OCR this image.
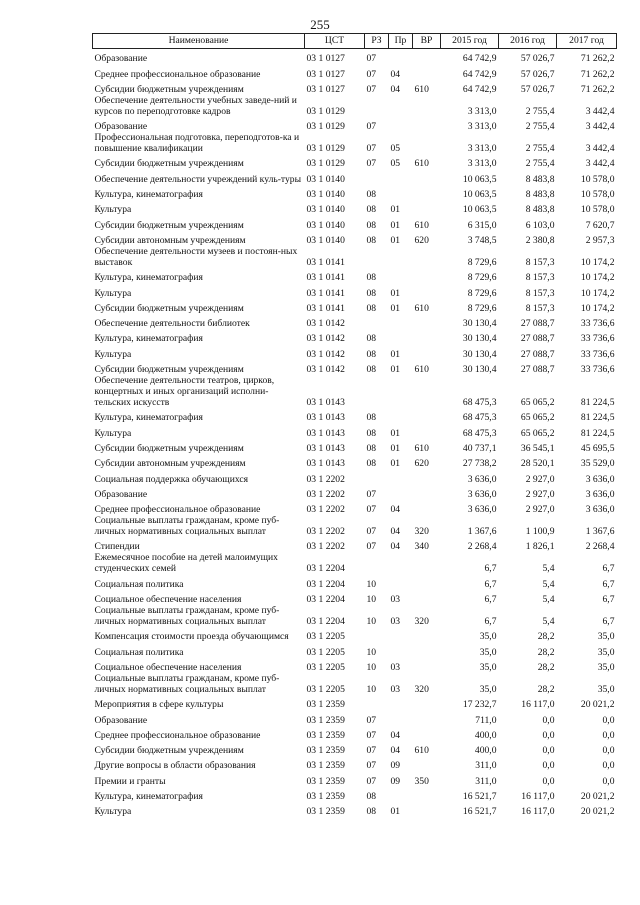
255
Наименование	ЦСТ	РЗ	Пр	ВР	2015 год	2016 год	2017 год
Образование	03 1 0127	07			64 742,9	57 026,7	71 262,2
Среднее профессиональное образование	03 1 0127	07	04		64 742,9	57 026,7	71 262,2
Субсидии бюджетным учреждениям	03 1 0127	07	04	610	64 742,9	57 026,7	71 262,2
Обеспечение деятельности учебных заведе-ний и курсов по переподготовке кадров	03 1 0129				3 313,0	2 755,4	3 442,4
Образование	03 1 0129	07			3 313,0	2 755,4	3 442,4
Профессиональная подготовка, переподготов-ка и повышение квалификации	03 1 0129	07	05		3 313,0	2 755,4	3 442,4
Субсидии бюджетным учреждениям	03 1 0129	07	05	610	3 313,0	2 755,4	3 442,4
Обеспечение деятельности учреждений куль-туры	03 1 0140				10 063,5	8 483,8	10 578,0
Культура, кинематография	03 1 0140	08			10 063,5	8 483,8	10 578,0
Культура	03 1 0140	08	01		10 063,5	8 483,8	10 578,0
Субсидии бюджетным учреждениям	03 1 0140	08	01	610	6 315,0	6 103,0	7 620,7
Субсидии автономным учреждениям	03 1 0140	08	01	620	3 748,5	2 380,8	2 957,3
Обеспечение деятельности музеев и постоян-ных выставок	03 1 0141				8 729,6	8 157,3	10 174,2
Культура, кинематография	03 1 0141	08			8 729,6	8 157,3	10 174,2
Культура	03 1 0141	08	01		8 729,6	8 157,3	10 174,2
Субсидии бюджетным учреждениям	03 1 0141	08	01	610	8 729,6	8 157,3	10 174,2
Обеспечение деятельности библиотек	03 1 0142				30 130,4	27 088,7	33 736,6
Культура, кинематография	03 1 0142	08			30 130,4	27 088,7	33 736,6
Культура	03 1 0142	08	01		30 130,4	27 088,7	33 736,6
Субсидии бюджетным учреждениям	03 1 0142	08	01	610	30 130,4	27 088,7	33 736,6
Обеспечение деятельности театров, цирков, концертных и иных организаций исполни-тельских искусств	03 1 0143				68 475,3	65 065,2	81 224,5
Культура, кинематография	03 1 0143	08			68 475,3	65 065,2	81 224,5
Культура	03 1 0143	08	01		68 475,3	65 065,2	81 224,5
Субсидии бюджетным учреждениям	03 1 0143	08	01	610	40 737,1	36 545,1	45 695,5
Субсидии автономным учреждениям	03 1 0143	08	01	620	27 738,2	28 520,1	35 529,0
Социальная поддержка обучающихся	03 1 2202				3 636,0	2 927,0	3 636,0
Образование	03 1 2202	07			3 636,0	2 927,0	3 636,0
Среднее профессиональное образование	03 1 2202	07	04		3 636,0	2 927,0	3 636,0
Социальные выплаты гражданам, кроме пуб-личных нормативных социальных выплат	03 1 2202	07	04	320	1 367,6	1 100,9	1 367,6
Стипендии	03 1 2202	07	04	340	2 268,4	1 826,1	2 268,4
Ежемесячное пособие на детей малоимущих студенческих семей	03 1 2204				6,7	5,4	6,7
Социальная политика	03 1 2204	10			6,7	5,4	6,7
Социальное обеспечение населения	03 1 2204	10	03		6,7	5,4	6,7
Социальные выплаты гражданам, кроме пуб-личных нормативных социальных выплат	03 1 2204	10	03	320	6,7	5,4	6,7
Компенсация стоимости проезда обучающимся	03 1 2205				35,0	28,2	35,0
Социальная политика	03 1 2205	10			35,0	28,2	35,0
Социальное обеспечение населения	03 1 2205	10	03		35,0	28,2	35,0
Социальные выплаты гражданам, кроме пуб-личных нормативных социальных выплат	03 1 2205	10	03	320	35,0	28,2	35,0
Мероприятия в сфере культуры	03 1 2359				17 232,7	16 117,0	20 021,2
Образование	03 1 2359	07			711,0	0,0	0,0
Среднее профессиональное образование	03 1 2359	07	04		400,0	0,0	0,0
Субсидии бюджетным учреждениям	03 1 2359	07	04	610	400,0	0,0	0,0
Другие вопросы в области образования	03 1 2359	07	09		311,0	0,0	0,0
Премии и гранты	03 1 2359	07	09	350	311,0	0,0	0,0
Культура, кинематография	03 1 2359	08			16 521,7	16 117,0	20 021,2
Культура	03 1 2359	08	01		16 521,7	16 117,0	20 021,2
